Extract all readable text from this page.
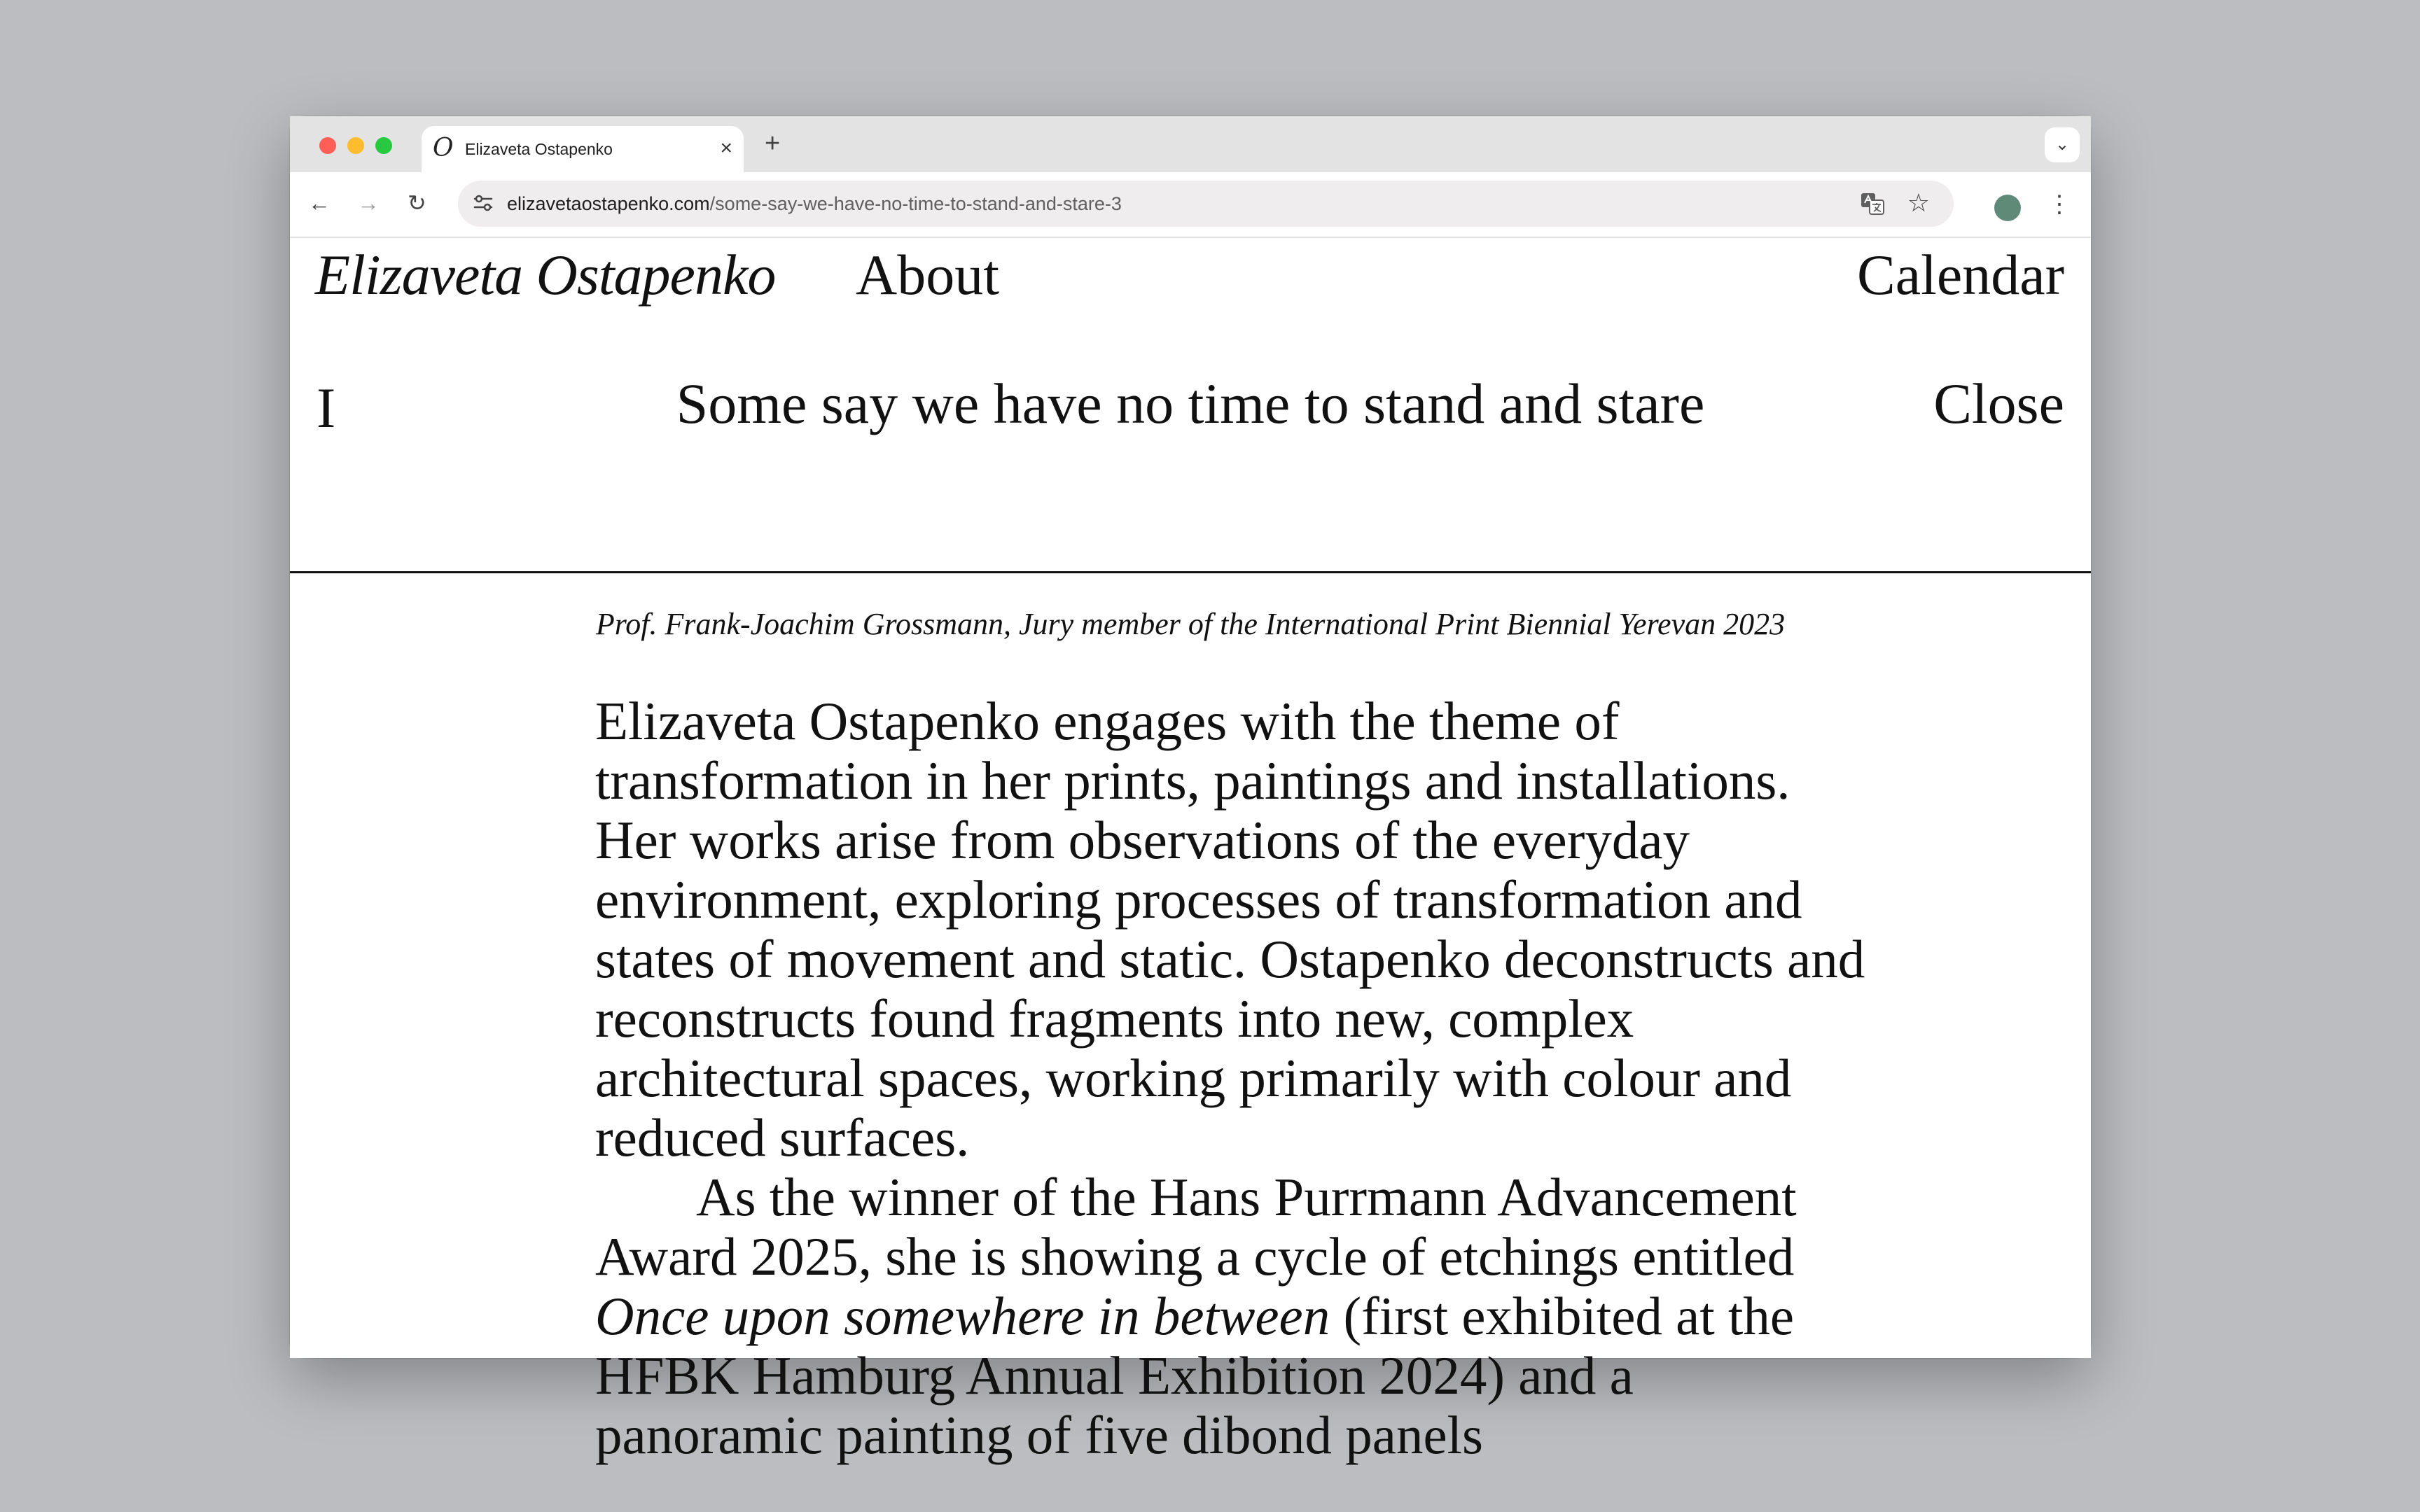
O Elizaveta Ostapenko	× +	⌄
← → ↻	elizavetaostapenko.com/some-say-we-have-no-time-to-stand-and-stare-3	☆	⋮
Elizaveta Ostapenko About	Calendar
I	Some say we have no time to stand and stare	Close
Prof. Frank-Joachim Grossmann, Jury member of the International Print Biennial Yerevan 2023

Elizaveta Ostapenko engages with the theme of transformation in her prints, paintings and installations. Her works arise from observations of the everyday environment, exploring processes of transformation and states of movement and static. Ostapenko deconstructs and reconstructs found fragments into new, complex architectural spaces, working primarily with colour and reduced surfaces.

As the winner of the Hans Purrmann Advancement Award 2025, she is showing a cycle of etchings entitled Once upon somewhere in between (first exhibited at the HFBK Hamburg Annual Exhibition 2024) and a panoramic painting of five dibond panels
